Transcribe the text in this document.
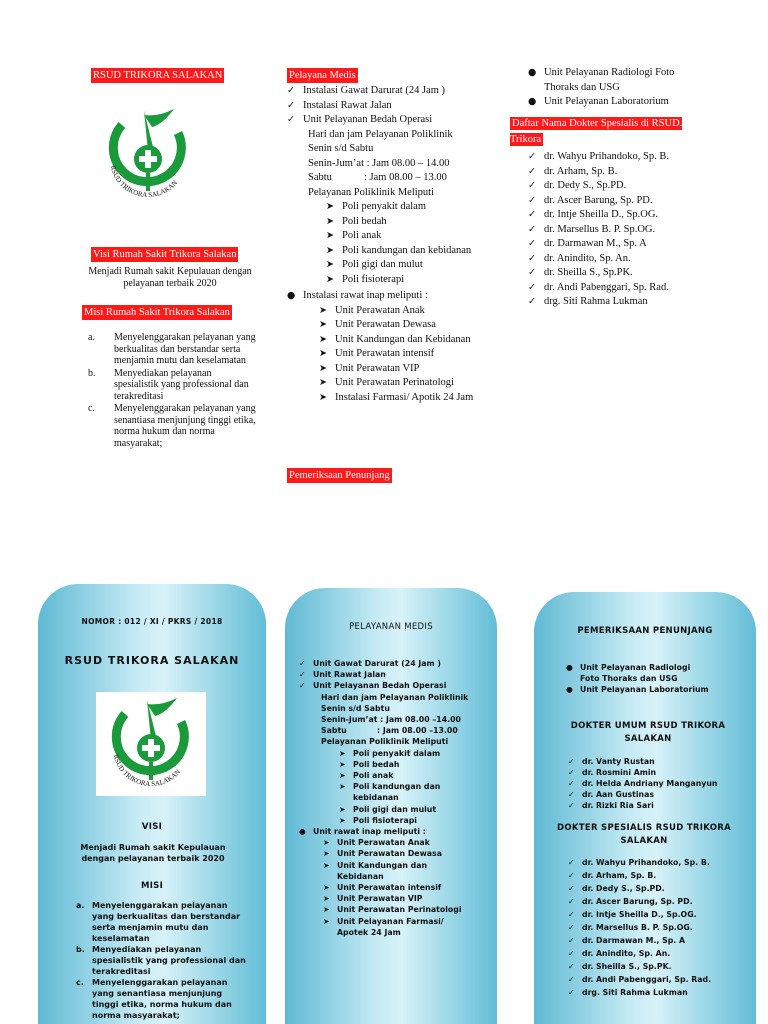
RSUD TRIKORA SALAKAN
RSUD TRIKORA SALAKAN
Visi Rumah Sakit Trikora Salakan
Menjadi Rumah sakit Kepulauan dengan pelayanan terbaik 2020
Misi Rumah Sakit Trikora Salakan
a. Menyelenggarakan pelayanan yang berkualitas dan berstandar serta menjamin mutu dan keselamatan
b. Menyediakan pelayanan spesialistik yang professional dan terakreditasi
c. Menyelenggarakan pelayanan yang senantiasa menjunjung tinggi etika, norma hukum dan norma masyarakat;
Pelayana Medis
✓ Instalasi Gawat Darurat (24 Jam )
✓ Instalasi Rawat Jalan
✓ Unit Pelayanan Bedah Operasi
Hari dan jam Pelayanan Poliklinik
Senin s/d Sabtu
Senin-Jum’at : Jam 08.00 – 14.00
Sabtu	: Jam 08.00 – 13.00
Pelayanan Poliklinik Meliputi
➤ Poli penyakit dalam
➤ Poli bedah
➤ Poli anak
➤ Poli kandungan dan kebidanan
➤ Poli gigi dan mulut
➤ Poli fisioterapi
● Instalasi rawat inap meliputi :
➤ Unit Perawatan Anak
➤ Unit Perawatan Dewasa
➤ Unit Kandungan dan Kebidanan
➤ Unit Perawatan intensif
➤ Unit Perawatan VIP
➤ Unit Perawatan Perinatologi
➤ Instalasi Farmasi/ Apotik 24 Jam
Pemeriksaan Penunjang
● Unit Pelayanan Radiologi Foto Thoraks dan USG
● Unit Pelayanan Laboratorium
Daftar Nama Dokter Spesialis di RSUD. Trikora
✓ dr. Wahyu Prihandoko, Sp. B.
✓ dr. Arham, Sp. B.
✓ dr. Dedy S., Sp.PD.
✓ dr. Ascer Barung, Sp. PD.
✓ dr. Intje Sheilla D., Sp.OG.
✓ dr. Marsellus B. P. Sp.OG.
✓ dr. Darmawan M., Sp. A
✓ dr. Anindito, Sp. An.
✓ dr. Sheilla S., Sp.PK.
✓ dr. Andi Pabenggari, Sp. Rad.
✓ drg. Siti Rahma Lukman
NOMOR : 012 / XI / PKRS / 2018
RSUD TRIKORA SALAKAN
RSUD TRIKORA SALAKAN
VISI
Menjadi Rumah sakit Kepulauan dengan pelayanan terbaik 2020
MISI
a. Menyelenggarakan pelayanan yang berkualitas dan berstandar serta menjamin mutu dan keselamatan
b. Menyediakan pelayanan spesialistik yang professional dan terakreditasi
c. Menyelenggarakan pelayanan yang senantiasa menjunjung tinggi etika, norma hukum dan norma masyarakat;
PELAYANAN MEDIS
✓ Unit Gawat Darurat (24 Jam )
✓ Unit Rawat Jalan
✓ Unit Pelayanan Bedah Operasi
Hari dan jam Pelayanan Poliklinik
Senin s/d Sabtu
Senin-Jum’at : Jam 08.00 –14.00
Sabtu	: Jam 08.00 –13.00
Pelayanan Poliklinik Meliputi
➤ Poli penyakit dalam
➤ Poli bedah
➤ Poli anak
➤ Poli kandungan dan kebidanan
➤ Poli gigi dan mulut
➤ Poli fisioterapi
● Unit rawat inap meliputi :
➤ Unit Perawatan Anak
➤ Unit Perawatan Dewasa
➤ Unit Kandungan dan Kebidanan
➤ Unit Perawatan intensif
➤ Unit Perawatan VIP
➤ Unit Perawatan Perinatologi
➤ Unit Pelayanan Farmasi/ Apotek 24 Jam
PEMERIKSAAN PENUNJANG
● Unit Pelayanan Radiologi Foto Thoraks dan USG
● Unit Pelayanan Laboratorium
DOKTER UMUM RSUD TRIKORA SALAKAN
✓ dr. Vanty Rustan
✓ dr. Rosmini Amin
✓ dr. Helda Andriany Manganyun
✓ dr. Aan Gustinas
✓ dr. Rizki Ria Sari
DOKTER SPESIALIS RSUD TRIKORA SALAKAN
✓ dr. Wahyu Prihandoko, Sp. B.
✓ dr. Arham, Sp. B.
✓ dr. Dedy S., Sp.PD.
✓ dr. Ascer Barung, Sp. PD.
✓ dr. Intje Sheilla D., Sp.OG.
✓ dr. Marsellus B. P. Sp.OG.
✓ dr. Darmawan M., Sp. A
✓ dr. Anindito, Sp. An.
✓ dr. Sheilla S., Sp.PK.
✓ dr. Andi Pabenggari, Sp. Rad.
✓ drg. Siti Rahma Lukman
